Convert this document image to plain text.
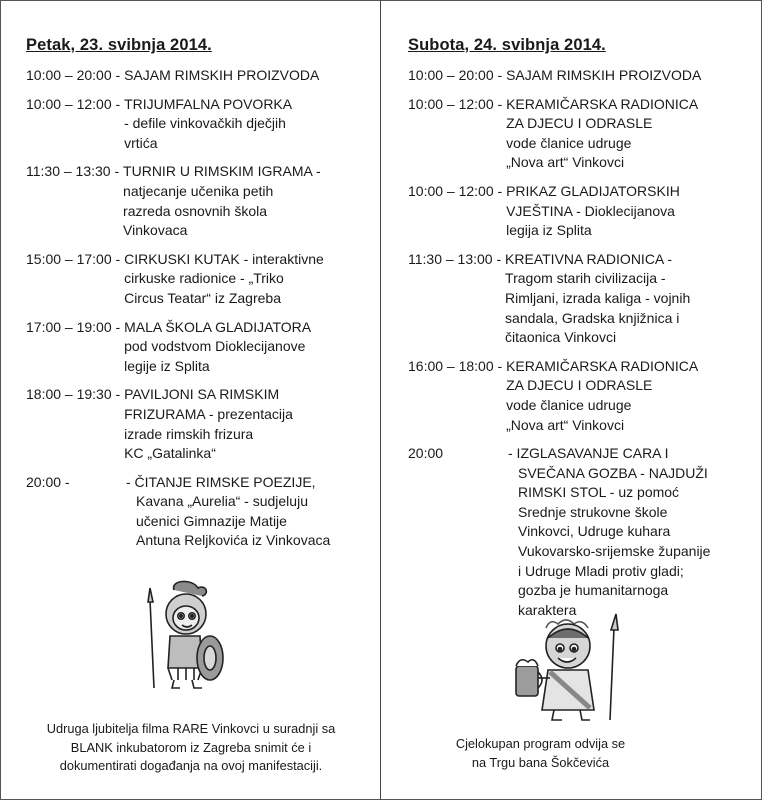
Petak, 23. svibnja 2014.
10:00 – 20:00 - SAJAM RIMSKIH PROIZVODA
10:00 – 12:00 - TRIJUMFALNA POVORKA
- defile vinkovačkih dječjih
vrtića
11:30 – 13:30 - TURNIR U RIMSKIM IGRAMA -
natjecanje učenika petih
razreda osnovnih škola
Vinkovaca
15:00 – 17:00 - CIRKUSKI KUTAK - interaktivne
cirkuske radionice - „Triko
Circus Teatar“ iz Zagreba
17:00 – 19:00 - MALA ŠKOLA GLADIJATORA
pod vodstvom Dioklecijanove
legije iz Splita
18:00 – 19:30 - PAVILJONI SA RIMSKIM
FRIZURAMA - prezentacija
izrade rimskih frizura
KC „Gatalinka“
20:00 -	- ČITANJE RIMSKE POEZIJE,
Kavana „Aurelia“ - sudjeluju
učenici Gimnazije Matije
Antuna Reljkovića iz Vinkovaca
Udruga ljubitelja filma RARE Vinkovci u suradnji sa
BLANK inkubatorom iz Zagreba snimit će i
dokumentirati događanja na ovoj manifestaciji.
Subota, 24. svibnja 2014.
10:00 – 20:00 - SAJAM RIMSKIH PROIZVODA
10:00 – 12:00 - KERAMIČARSKA RADIONICA
ZA DJECU I ODRASLE
vode članice udruge
„Nova art“ Vinkovci
10:00 – 12:00 - PRIKAZ GLADIJATORSKIH
VJEŠTINA - Dioklecijanova
legija iz Splita
11:30 – 13:00 - KREATIVNA RADIONICA -
Tragom starih civilizacija -
Rimljani, izrada kaliga - vojnih
sandala, Gradska knjižnica i
čitaonica Vinkovci
16:00 – 18:00 - KERAMIČARSKA RADIONICA
ZA DJECU I ODRASLE
vode članice udruge
„Nova art“ Vinkovci
20:00	- IZGLASAVANJE CARA I
SVEČANA GOZBA - NAJDUŽI
RIMSKI STOL - uz pomoć
Srednje strukovne škole
Vinkovci, Udruge kuhara
Vukovarsko-srijemske županije
i Udruge Mladi protiv gladi;
gozba je humanitarnoga
karaktera
Cjelokupan program odvija se
na Trgu bana Šokčevića
